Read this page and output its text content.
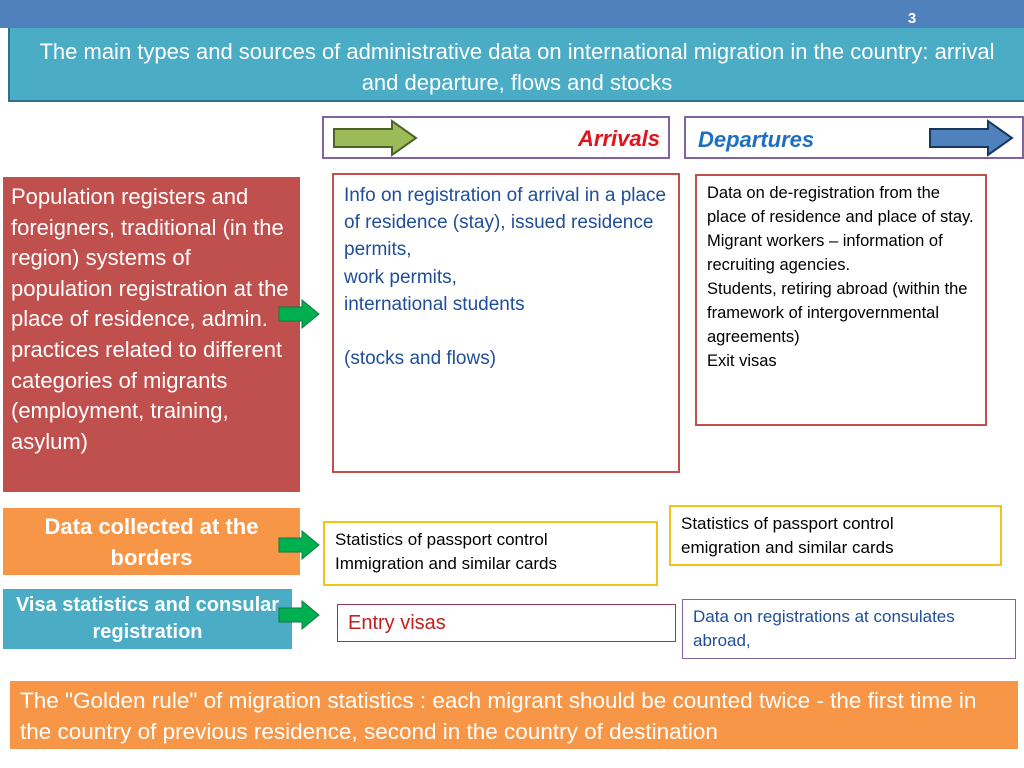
3
The main types and sources of administrative data on international migration in the country: arrival and departure, flows and stocks
Arrivals Departures
Population registers and foreigners, traditional (in the region) systems of population registration at the place of residence, admin. practices related to different categories of migrants (employment, training, asylum)
Data collected at the borders
Visa statistics and consular registration
Info on registration of arrival in a place of residence (stay), issued residence permits,
work permits,
international students

(stocks and flows)
Statistics of passport control
Immigration and similar cards
Entry visas
Data on de-registration from the place of residence and place of stay.
Migrant workers – information of recruiting agencies.
Students, retiring abroad (within the framework of intergovernmental agreements)
Exit visas
Statistics of passport control
emigration and similar cards
Data on registrations at consulates abroad,
The "Golden rule" of migration statistics : each migrant should be counted twice - the first time in the country of previous residence, second in the country of destination
